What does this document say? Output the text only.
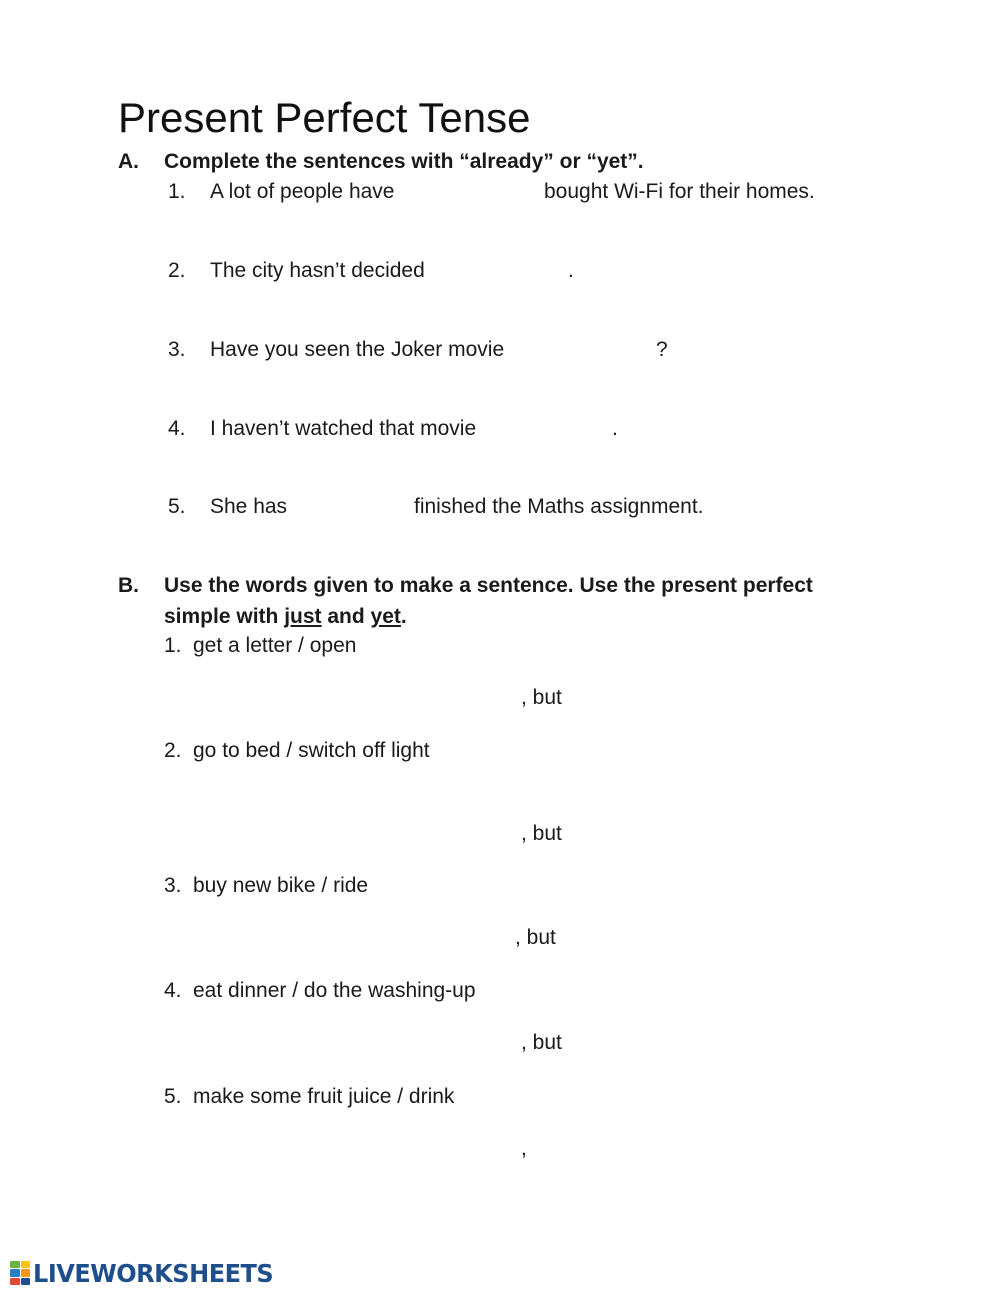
Present Perfect Tense
A. Complete the sentences with “already” or “yet”.
1. A lot of people have	bought Wi-Fi for their homes.
2. The city hasn’t decided	.
3. Have you seen the Joker movie	?
4. I haven’t watched that movie	.
5. She has	finished the Maths assignment.
B. Use the words given to make a sentence. Use the present perfect
simple with just and yet.
1. get a letter / open
, but
2. go to bed / switch off light
, but
3. buy new bike / ride
, but
4. eat dinner / do the washing-up
, but
5. make some fruit juice / drink
,
LIVEWORKSHEETS
